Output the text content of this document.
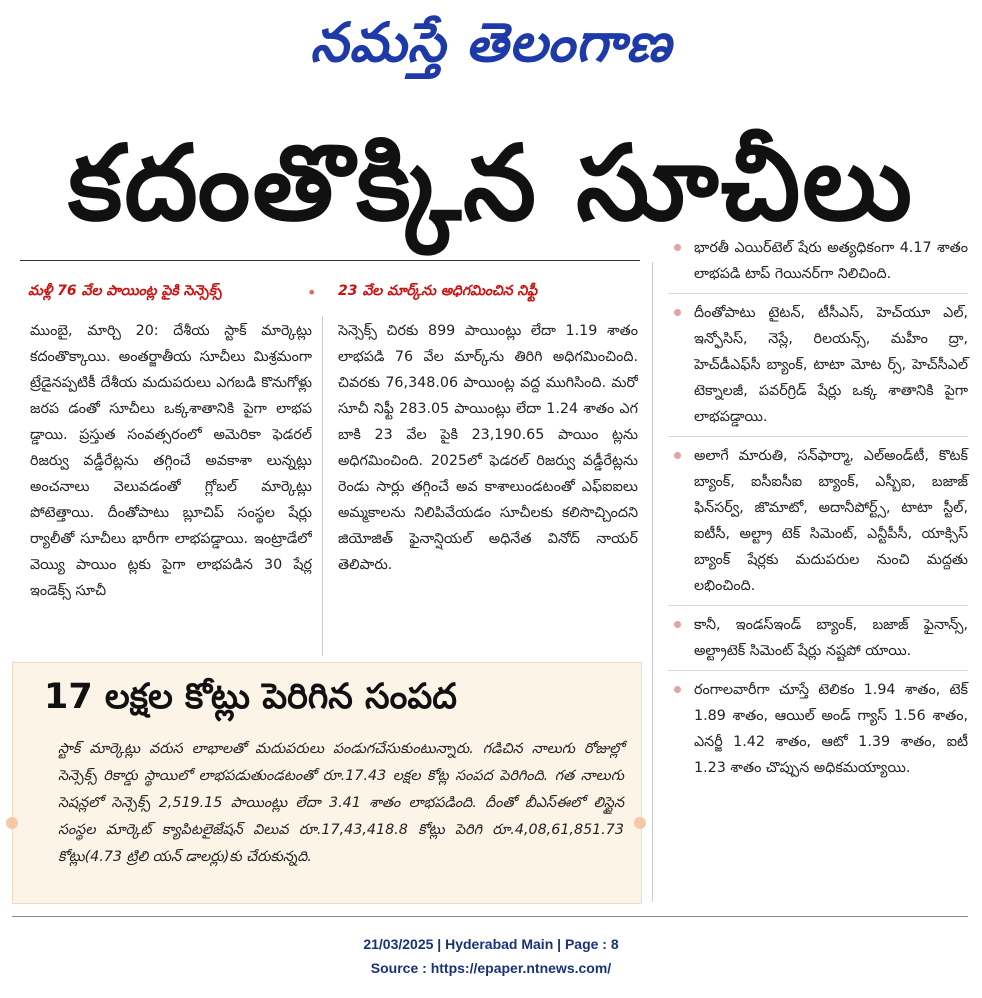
నమస్తే తెలంగాణ
కదంతొక్కిన సూచీలు
మళ్లీ 76 వేల పాయింట్ల పైకి సెన్సెక్స్	• 23 వేల మార్క్‌ను అధిగమించిన నిఫ్టీ
ముంబై, మార్చి 20: దేశీయ స్టాక్ మార్కెట్లు కదంతొక్కాయి. అంతర్జాతీయ సూచీలు మిశ్రమంగా ట్రేడైనప్పటికీ దేశీయ మదుపరులు ఎగబడి కొనుగోళ్లు జరప డంతో సూచీలు ఒక్కశాతానికి పైగా లాభప డ్డాయి. ప్రస్తుత సంవత్సరంలో అమెరికా ఫెడరల్ రిజర్వు వడ్డీరేట్లను తగ్గించే అవకాశా లున్నట్లు అంచనాలు వెలువడంతో గ్లోబల్ మార్కెట్లు పోటెత్తాయి. దీంతోపాటు బ్లూచిప్ సంస్థల షేర్లు ర్యాలీతో సూచీలు భారీగా లాభపడ్డాయి. ఇంట్రాడేలో వెయ్యి పాయిం ట్లకు పైగా లాభపడిన 30 షేర్ల ఇండెక్స్ సూచీ
సెన్సెక్స్ చిరకు 899 పాయింట్లు లేదా 1.19 శాతం లాభపడి 76 వేల మార్క్‌ను తిరిగి అధిగమించింది. చివరకు 76,348.06 పాయింట్ల వద్ద ముగిసింది. మరో సూచీ నిఫ్టీ 283.05 పాయింట్లు లేదా 1.24 శాతం ఎగ బాకి 23 వేల పైకి 23,190.65 పాయిం ట్లను అధిగమించింది. 2025లో ఫెడరల్ రిజర్వు వడ్డీరేట్లను రెండు సార్లు తగ్గించే అవ కాశాలుండటంతో ఎఫ్‌ఐఐలు అమ్మకాలను నిలిపివేయడం సూచీలకు కలిసొచ్చిందని జియోజిత్ ఫైనాన్షియల్ అధినేత వినోద్ నాయర్ తెలిపారు.
భారతీ ఎయిర్‌టెల్ షేరు అత్యధికంగా 4.17 శాతం లాభపడి టాప్ గెయినర్‌గా నిలిచింది.
దీంతోపాటు టైటన్, టీసీఎస్, హెచ్‌యూ ఎల్, ఇన్ఫోసిస్, నెస్లే, రిలయన్స్, మహీం ద్రా, హెచ్‌డీఎఫ్‌సీ బ్యాంక్, టాటా మోట ర్స్, హెచ్‌సీఎల్ టెక్నాలజీ, పవర్‌గ్రిడ్ షేర్లు ఒక్క శాతానికి పైగా లాభపడ్డాయి.
అలాగే మారుతి, సన్‌ఫార్మా, ఎల్‌అండ్‌టీ, కొటక్ బ్యాంక్, ఐసీఐసీఐ బ్యాంక్, ఎస్బీఐ, బజాజ్ ఫిన్‌సర్వ్, జొమాటో, అదానీపోర్ట్స్, టాటా స్టీల్, ఐటీసీ, అల్ట్రా టెక్ సిమెంట్, ఎన్టీపీసీ, యాక్సిస్ బ్యాంక్ షేర్లకు మదుపరుల నుంచి మద్దతు లభించింది.
కానీ, ఇండస్‌ఇండ్ బ్యాంక్, బజాజ్ ఫైనాన్స్, అల్ట్రాటెక్ సిమెంట్ షేర్లు నష్టపో యాయి.
రంగాలవారీగా చూస్తే టెలికం 1.94 శాతం, టెక్ 1.89 శాతం, ఆయిల్ అండ్ గ్యాస్ 1.56 శాతం, ఎనర్జీ 1.42 శాతం, ఆటో 1.39 శాతం, ఐటీ 1.23 శాతం చొప్పున అధికమయ్యాయి.
17 లక్షల కోట్లు పెరిగిన సంపద
స్టాక్ మార్కెట్లు వరుస లాభాలతో మదుపరులు పండుగచేసుకుంటున్నారు. గడిచిన నాలుగు రోజుల్లో సెన్సెక్స్ రికార్డు స్థాయిలో లాభపడుతుండటంతో రూ.17.43 లక్షల కోట్ల సంపద పెరిగింది. గత నాలుగు సెషన్లలో సెన్సెక్స్ 2,519.15 పాయింట్లు లేదా 3.41 శాతం లాభపడింది. దీంతో బీఎస్ఈలో లిస్టైన సంస్థల మార్కెట్ క్యాపిటలైజేషన్ విలువ రూ.17,43,418.8 కోట్లు పెరిగి రూ.4,08,61,851.73 కోట్లు(4.73 ట్రిలి యన్ డాలర్లు)కు చేరుకున్నది.
21/03/2025 | Hyderabad Main | Page : 8
Source : https://epaper.ntnews.com/
